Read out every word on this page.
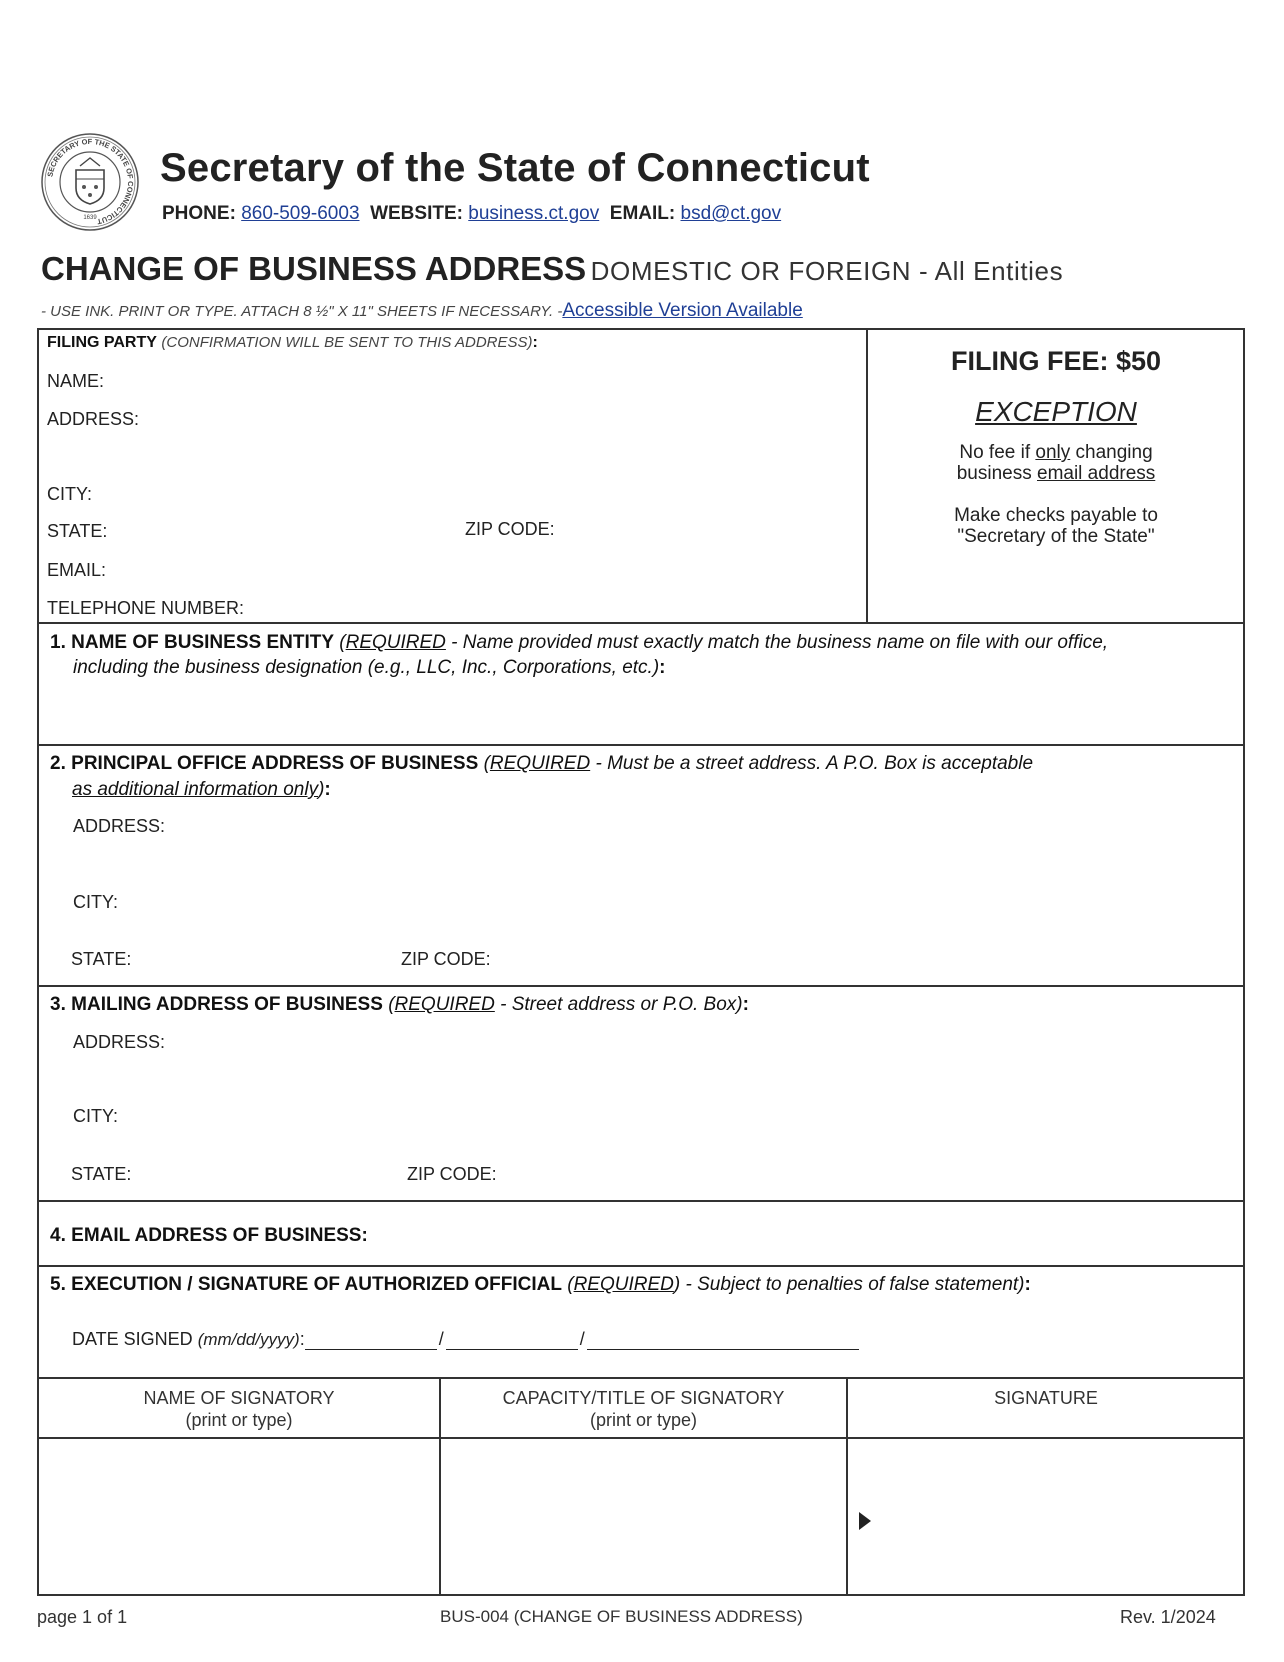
SECRETARY OF THE STATE OF CONNECTICUT
1639
Secretary of the State of Connecticut
PHONE: 860-509-6003 WEBSITE: business.ct.gov EMAIL: bsd@ct.gov
CHANGE OF BUSINESS ADDRESS DOMESTIC OR FOREIGN - All Entities
- USE INK. PRINT OR TYPE. ATTACH 8 ½" X 11" SHEETS IF NECESSARY. -Accessible Version Available
FILING PARTY (CONFIRMATION WILL BE SENT TO THIS ADDRESS):
NAME:
ADDRESS:
CITY:
STATE:	ZIP CODE:
EMAIL:
TELEPHONE NUMBER:
FILING FEE: $50
EXCEPTION
No fee if only changing
business email address
Make checks payable to
"Secretary of the State"
1. NAME OF BUSINESS ENTITY (REQUIRED - Name provided must exactly match the business name on file with our office,
including the business designation (e.g., LLC, Inc., Corporations, etc.):
2. PRINCIPAL OFFICE ADDRESS OF BUSINESS (REQUIRED - Must be a street address. A P.O. Box is acceptable
as additional information only):
ADDRESS:
CITY:
STATE:	ZIP CODE:
3. MAILING ADDRESS OF BUSINESS (REQUIRED - Street address or P.O. Box):
ADDRESS:
CITY:
STATE:	ZIP CODE:
4. EMAIL ADDRESS OF BUSINESS:
5. EXECUTION / SIGNATURE OF AUTHORIZED OFFICIAL (REQUIRED) - Subject to penalties of false statement):
DATE SIGNED (mm/dd/yyyy):	/	/
NAME OF SIGNATORY
(print or type)
CAPACITY/TITLE OF SIGNATORY
(print or type)
SIGNATURE
page 1 of 1	BUS-004 (CHANGE OF BUSINESS ADDRESS)	Rev. 1/2024
